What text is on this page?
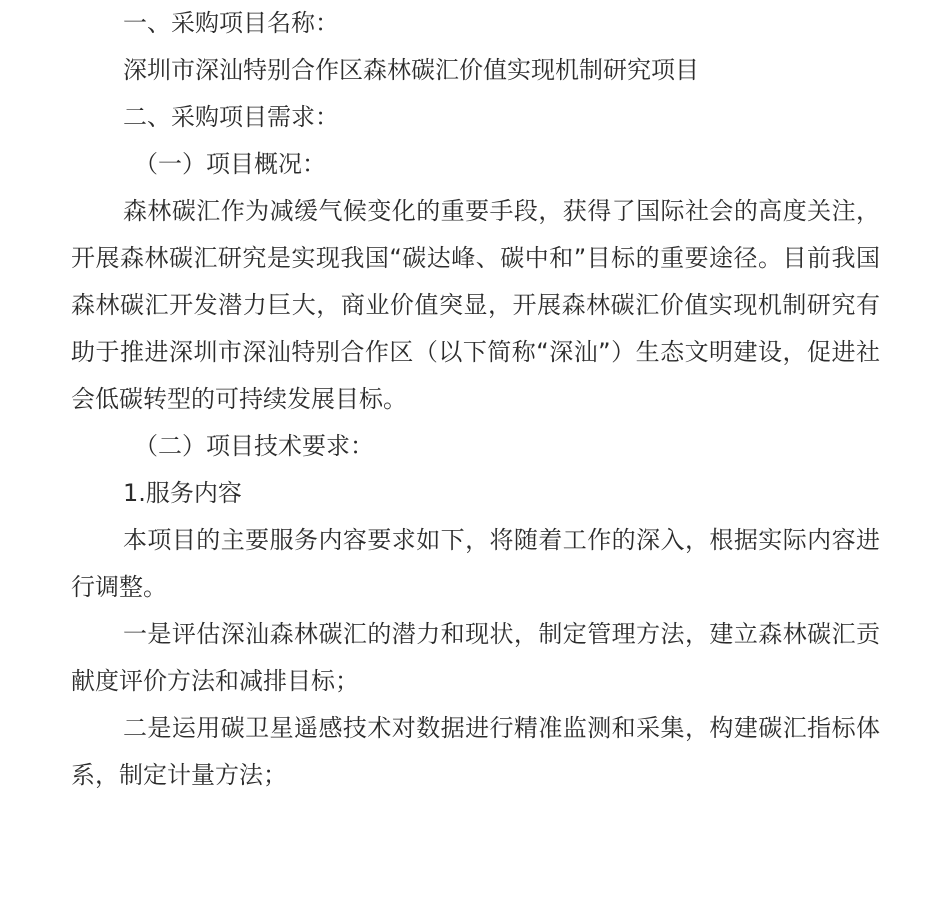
一、采购项目名称：
深圳市深汕特别合作区森林碳汇价值实现机制研究项目
二、采购项目需求：
（一）项目概况：
森林碳汇作为减缓气候变化的重要手段，获得了国际社会的高度关注，开展森林碳汇研究是实现我国“碳达峰、碳中和”目标的重要途径。目前我国森林碳汇开发潜力巨大，商业价值突显，开展森林碳汇价值实现机制研究有助于推进深圳市深汕特别合作区（以下简称“深汕”）生态文明建设，促进社会低碳转型的可持续发展目标。
（二）项目技术要求：
1.服务内容
本项目的主要服务内容要求如下，将随着工作的深入，根据实际内容进行调整。
一是评估深汕森林碳汇的潜力和现状，制定管理方法，建立森林碳汇贡献度评价方法和减排目标；
二是运用碳卫星遥感技术对数据进行精准监测和采集，构建碳汇指标体系，制定计量方法；
